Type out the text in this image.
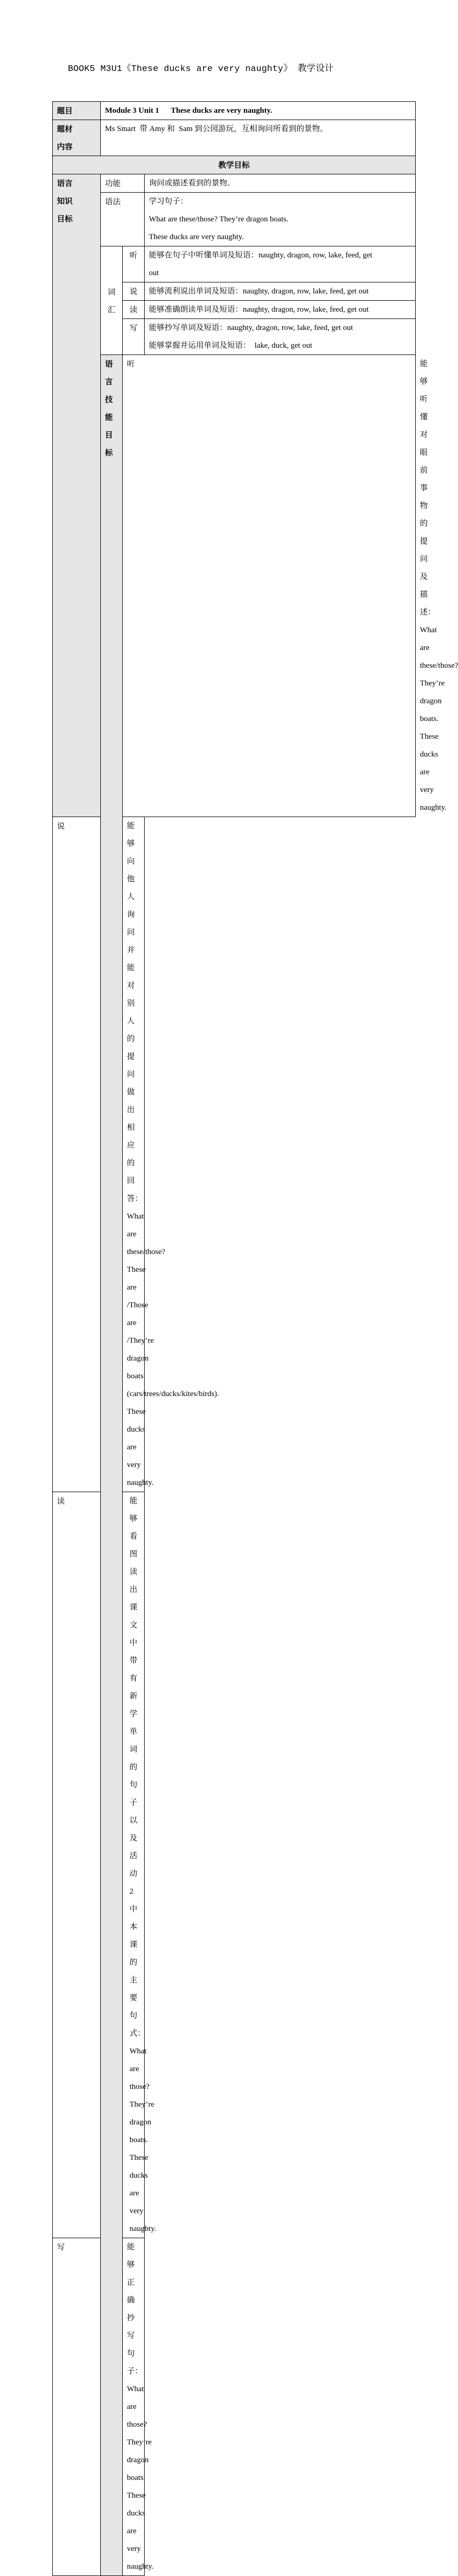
BOOK5 M3U1《These ducks are very naughty》 教学设计
题目	Module 3 Unit 1      These ducks are very naughty.			

题材
内容	Ms Smart  带 Amy 和  Sam 到公园游玩，互相询问所看到的景物。			
教学目标				

语言
知识
目标	功能		询问或描述看到的景物。	
	语法		学习句子：
What are these/those? They’re dragon boats.
These ducks are very naughty.	

	词
汇	听	能够在句子中听懂单词及短语：naughty, dragon, row, lake, feed, get
out	

		说	能够流利说出单词及短语：naughty, dragon, row, lake, feed, get out	
		读	能够准确朗读单词及短语：naughty, dragon, row, lake, feed, get out	
		写	能够抄写单词及短语：naughty, dragon, row, lake, feed, get out
能够掌握并运用单词及短语：  lake, duck, get out	

	语言
技能
目标	听		能够听懂对眼前事物的提问及描述：What are these/those? They’re
dragon boats. These ducks are very naughty.

说		能够向他人询问并能对别人的提问做出相应的回答：What are
these/those?
These are /Those are /They’re dragon boats
(cars/trees/ducks/kites/birds).
These ducks are very naughty.		

读		能够看图读出课文中带有新学单词的句子以及活动 2 中本课的主
要句式：What are those? They’re dragon boats. These ducks are very
naughty.		

写		能够正确抄写句子：What are those? They’re dragon boats. These
ducks are very naughty.		
